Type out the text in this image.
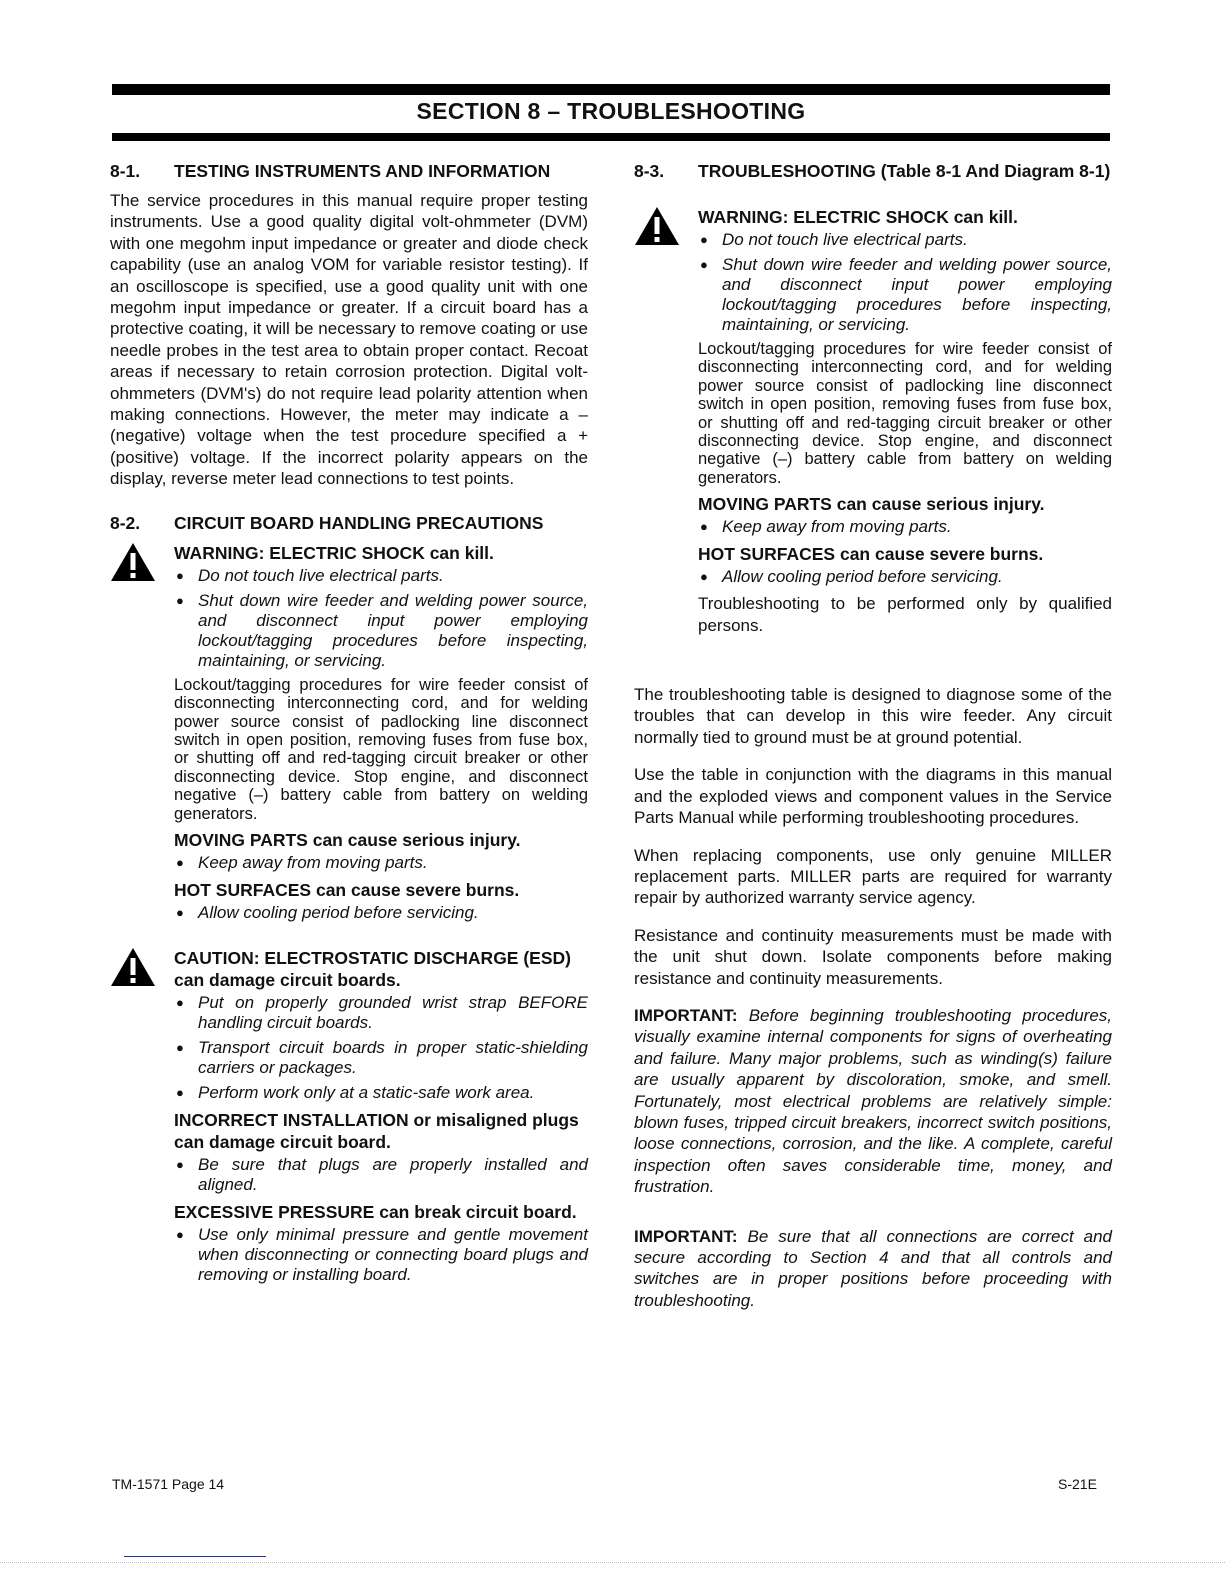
SECTION 8 – TROUBLESHOOTING
8-1.	TESTING INSTRUMENTS AND INFORMATION

The service procedures in this manual require proper testing instruments. Use a good quality digital volt-ohmmeter (DVM) with one megohm input impedance or greater and diode check capability (use an analog VOM for variable resistor testing). If an oscilloscope is specified, use a good quality unit with one megohm input impedance or greater. If a circuit board has a protective coating, it will be necessary to remove coating or use needle probes in the test area to obtain proper contact. Recoat areas if necessary to retain corrosion protection. Digital volt-ohmmeters (DVM's) do not require lead polarity attention when making connections. However, the meter may indicate a – (negative) voltage when the test procedure specified a + (positive) voltage. If the incorrect polarity appears on the display, reverse meter lead connections to test points.

8-2.	CIRCUIT BOARD HANDLING PRECAUTIONS
WARNING: ELECTRIC SHOCK can kill.
● Do not touch live electrical parts.
● Shut down wire feeder and welding power source, and disconnect input power employing lockout/tagging procedures before inspecting, maintaining, or servicing.

Lockout/tagging procedures for wire feeder consist of disconnecting interconnecting cord, and for welding power source consist of padlocking line disconnect switch in open position, removing fuses from fuse box, or shutting off and red-tagging circuit breaker or other disconnecting device. Stop engine, and disconnect negative (–) battery cable from battery on welding generators.

MOVING PARTS can cause serious injury.
● Keep away from moving parts.
HOT SURFACES can cause severe burns.
● Allow cooling period before servicing.
CAUTION: ELECTROSTATIC DISCHARGE (ESD) can damage circuit boards.
● Put on properly grounded wrist strap BEFORE handling circuit boards.
● Transport circuit boards in proper static-shielding carriers or packages.
● Perform work only at a static-safe work area.
INCORRECT INSTALLATION or misaligned plugs can damage circuit board.
● Be sure that plugs are properly installed and aligned.
EXCESSIVE PRESSURE can break circuit board.
● Use only minimal pressure and gentle movement when disconnecting or connecting board plugs and removing or installing board.
8-3.	TROUBLESHOOTING (Table 8-1 And Diagram 8-1)
WARNING: ELECTRIC SHOCK can kill.
● Do not touch live electrical parts.
● Shut down wire feeder and welding power source, and disconnect input power employing lockout/tagging procedures before inspecting, maintaining, or servicing.

Lockout/tagging procedures for wire feeder consist of disconnecting interconnecting cord, and for welding power source consist of padlocking line disconnect switch in open position, removing fuses from fuse box, or shutting off and red-tagging circuit breaker or other disconnecting device. Stop engine, and disconnect negative (–) battery cable from battery on welding generators.

MOVING PARTS can cause serious injury.
● Keep away from moving parts.
HOT SURFACES can cause severe burns.
● Allow cooling period before servicing.

Troubleshooting to be performed only by qualified persons.

The troubleshooting table is designed to diagnose some of the troubles that can develop in this wire feeder. Any circuit normally tied to ground must be at ground potential.

Use the table in conjunction with the diagrams in this manual and the exploded views and component values in the Service Parts Manual while performing troubleshooting procedures.

When replacing components, use only genuine MILLER replacement parts. MILLER parts are required for warranty repair by authorized warranty service agency.

Resistance and continuity measurements must be made with the unit shut down. Isolate components before making resistance and continuity measurements.

IMPORTANT: Before beginning troubleshooting procedures, visually examine internal components for signs of overheating and failure. Many major problems, such as winding(s) failure are usually apparent by discoloration, smoke, and smell. Fortunately, most electrical problems are relatively simple: blown fuses, tripped circuit breakers, incorrect switch positions, loose connections, corrosion, and the like. A complete, careful inspection often saves considerable time, money, and frustration.

IMPORTANT: Be sure that all connections are correct and secure according to Section 4 and that all controls and switches are in proper positions before proceeding with troubleshooting.

TM-1571 Page 14	S-21E
